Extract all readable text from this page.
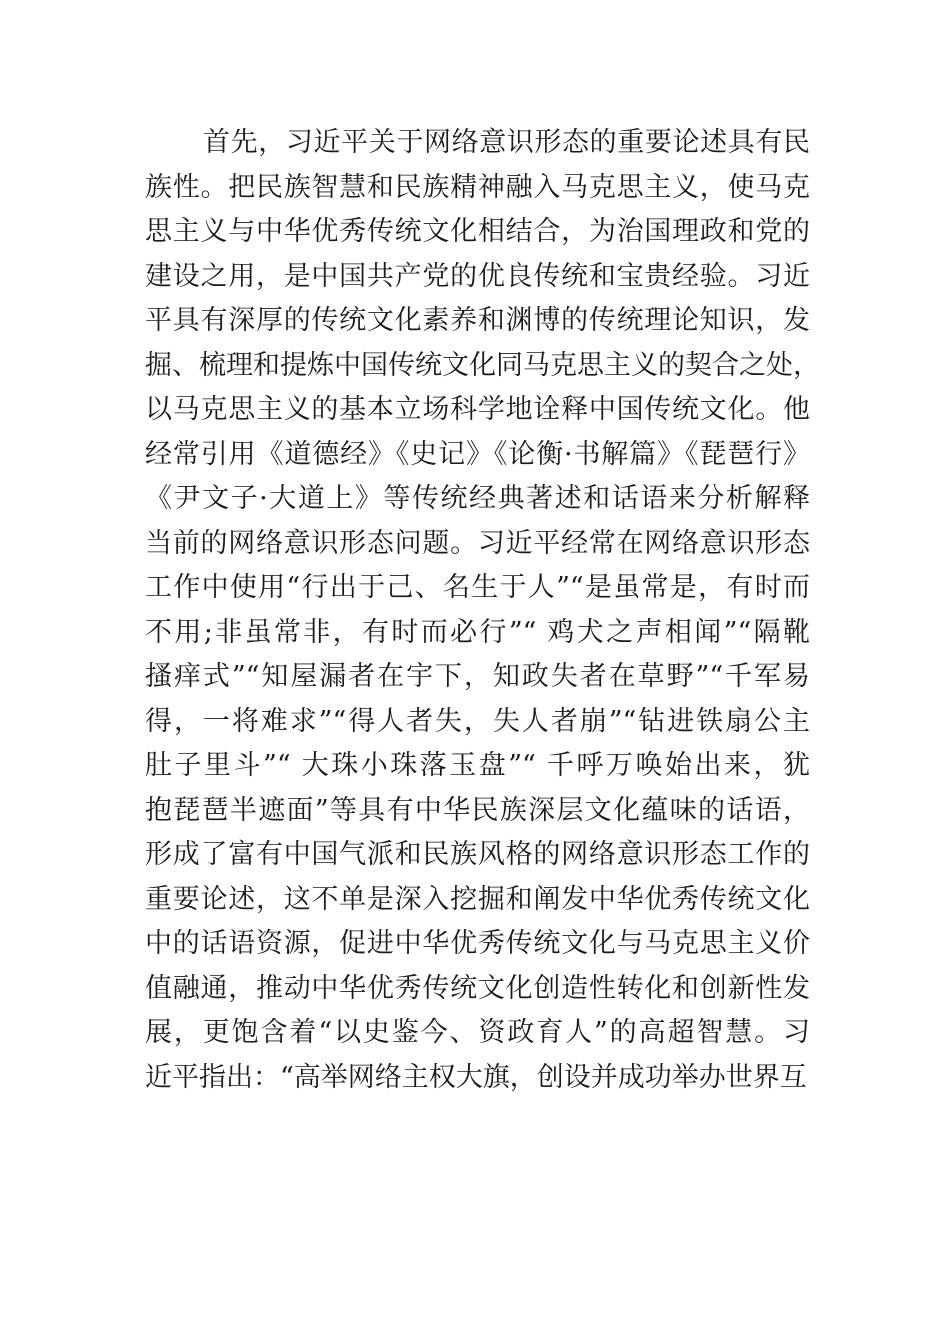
首先，习近平关于网络意识形态的重要论述具有民
族性。把民族智慧和民族精神融入马克思主义，使马克
思主义与中华优秀传统文化相结合，为治国理政和党的
建设之用，是中国共产党的优良传统和宝贵经验。习近
平具有深厚的传统文化素养和渊博的传统理论知识，发
掘、梳理和提炼中国传统文化同马克思主义的契合之处，
以马克思主义的基本立场科学地诠释中国传统文化。他
经常引用《道德经》《史记》《论衡·书解篇》《琵琶行》
《尹文子·大道上》等传统经典著述和话语来分析解释
当前的网络意识形态问题。习近平经常在网络意识形态
工作中使用“行出于己、名生于人”“是虽常是，有时而
不用;非虽常非，有时而必行”“ 鸡犬之声相闻”“隔靴
搔痒式”“知屋漏者在宇下，知政失者在草野”“千军易
得，一将难求”“得人者失，失人者崩”“钻进铁扇公主
肚子里斗”“ 大珠小珠落玉盘”“ 千呼万唤始出来，犹
抱琵琶半遮面”等具有中华民族深层文化蕴味的话语，
形成了富有中国气派和民族风格的网络意识形态工作的
重要论述，这不单是深入挖掘和阐发中华优秀传统文化
中的话语资源，促进中华优秀传统文化与马克思主义价
值融通，推动中华优秀传统文化创造性转化和创新性发
展，更饱含着“以史鉴今、资政育人”的高超智慧。习
近平指出：“高举网络主权大旗，创设并成功举办世界互
